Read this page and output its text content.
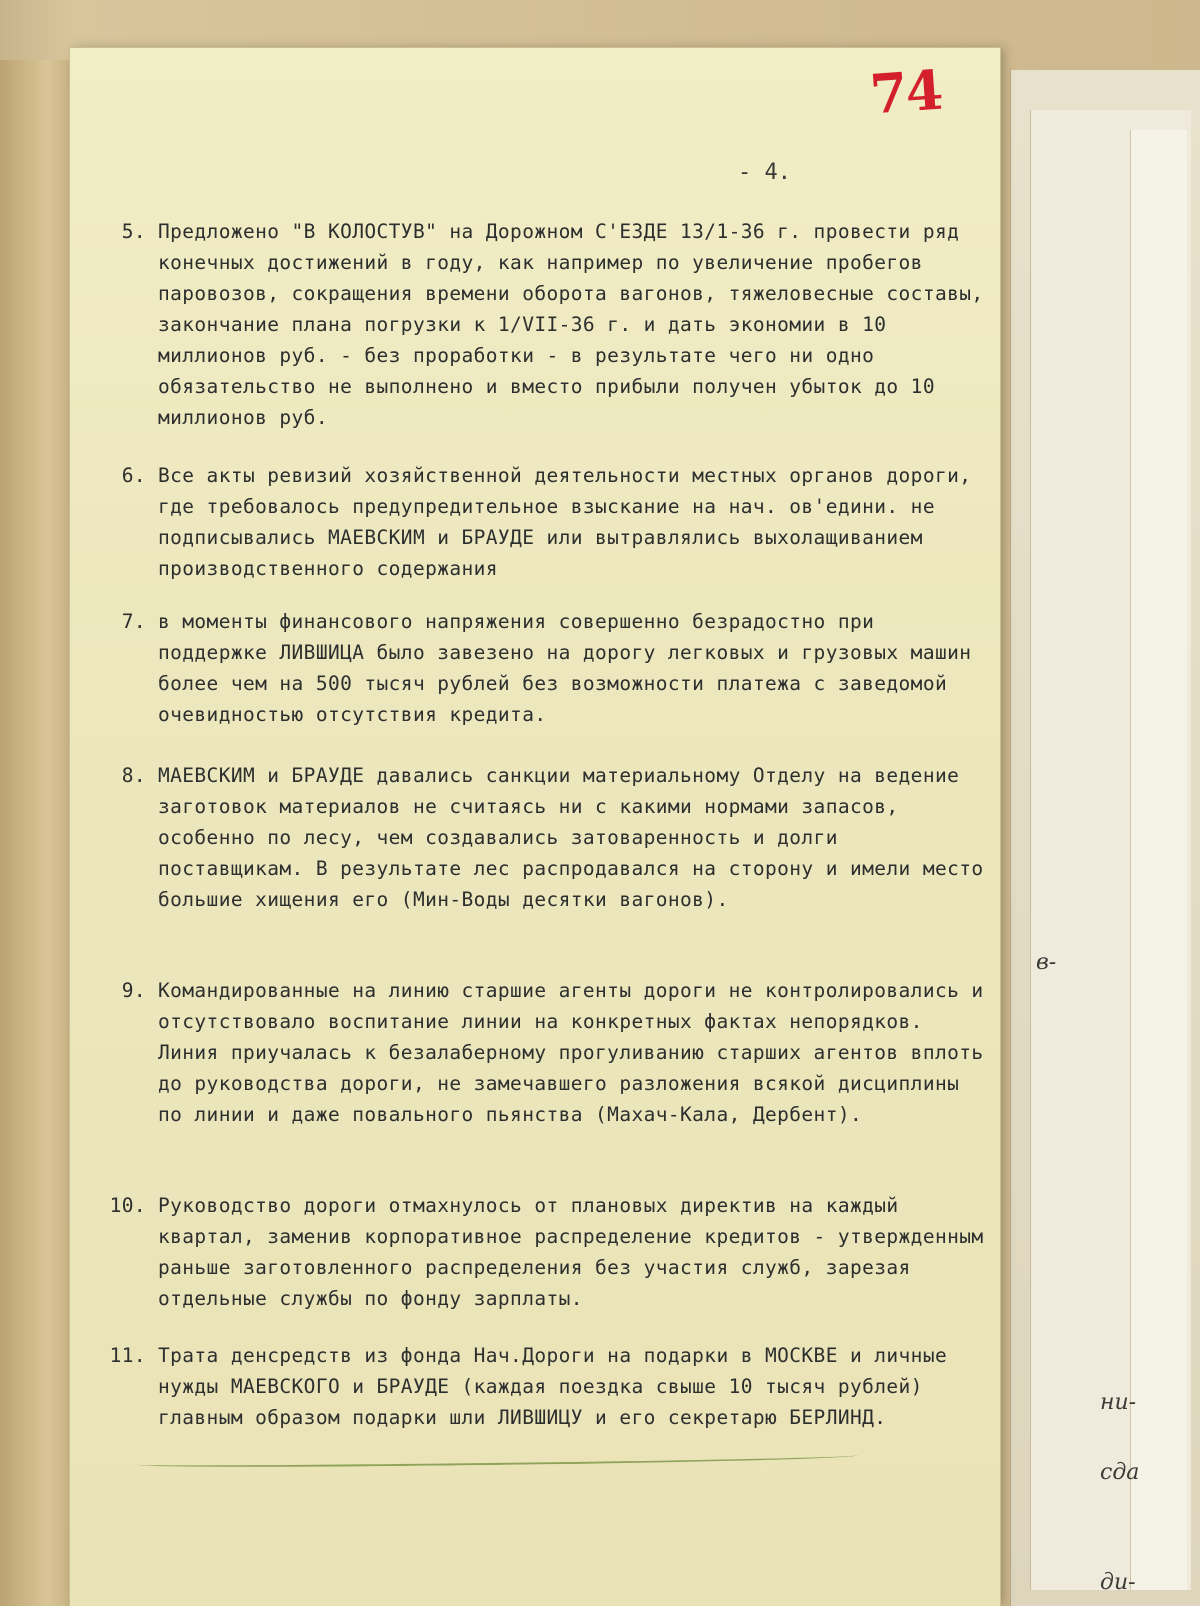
в-
ни-
сда
ди-
74
- 4.
5. Предложено "В КОЛОСТУВ" на Дорожном С'ЕЗДЕ 13/1-36 г. провести ряд конечных достижений в году, как например по увеличение пробегов паровозов, сокращения времени оборота вагонов, тяжеловесные составы, закончание плана погрузки к 1/VII-36 г. и дать экономии в 10 миллионов руб. - без проработки - в результате чего ни одно обязательство не выполнено и вместо прибыли получен убыток до 10 миллионов руб.
6. Все акты ревизий хозяйственной деятельности местных органов дороги, где требовалось предупредительное взыскание на нач. ов'едини. не подписывались МАЕВСКИМ и БРАУДЕ или вытравлялись выхолащиванием производственного содержания
7. в моменты финансового напряжения совершенно безрадостно при поддержке ЛИВШИЦА было завезено на дорогу легковых и грузовых машин более чем на 500 тысяч рублей без возможности платежа с заведомой очевидностью отсутствия кредита.
8. МАЕВСКИМ и БРАУДЕ давались санкции материальному Отделу на ведение заготовок материалов не считаясь ни с какими нормами запасов, особенно по лесу, чем создавались затоваренность и долги поставщикам. В результате лес распродавался на сторону и имели место большие хищения его (Мин-Воды десятки вагонов).
9. Командированные на линию старшие агенты дороги не контролировались и отсутствовало воспитание линии на конкретных фактах непорядков. Линия приучалась к безалаберному прогуливанию старших агентов вплоть до руководства дороги, не замечавшего разложения всякой дисциплины по линии и даже повального пьянства (Махач-Кала, Дербент).
10. Руководство дороги отмахнулось от плановых директив на каждый квартал, заменив корпоративное распределение кредитов - утвержденным раньше заготовленного распределения без участия служб, зарезая отдельные службы по фонду зарплаты.
11. Трата денсредств из фонда Нач.Дороги на подарки в МОСКВЕ и личные нужды МАЕВСКОГО и БРАУДЕ (каждая поездка свыше 10 тысяч рублей) главным образом подарки шли ЛИВШИЦУ и его секретарю БЕРЛИНД.
